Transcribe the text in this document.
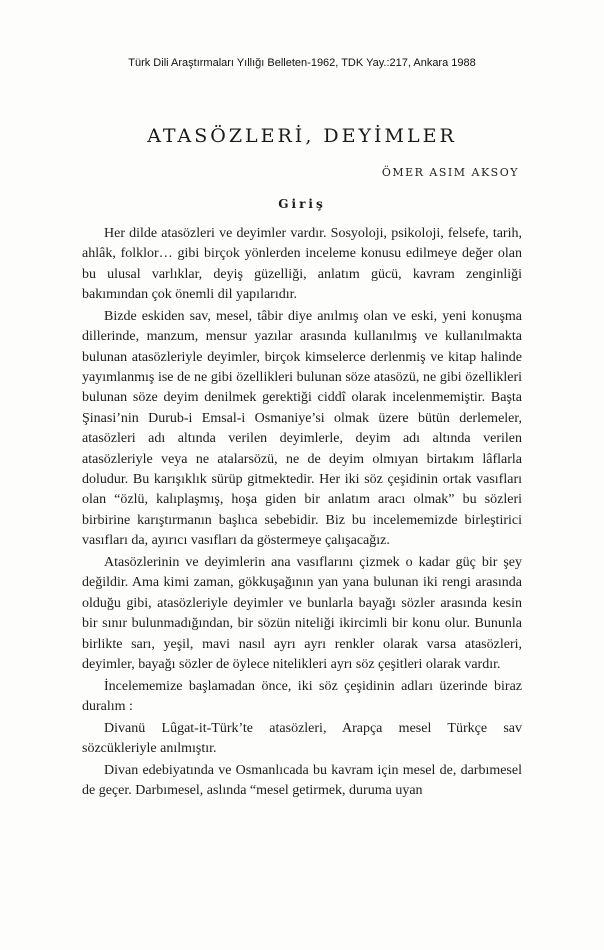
Türk Dili Araştırmaları Yıllığı Belleten-1962, TDK Yay.:217, Ankara 1988
ATASÖZLERİ, DEYİMLER
ÖMER ASIM AKSOY
Giriş

Her dilde atasözleri ve deyimler vardır. Sosyoloji, psikoloji, felsefe, tarih, ahlâk, folklor… gibi birçok yönlerden inceleme konusu edilmeye değer olan bu ulusal varlıklar, deyiş güzelliği, anlatım gücü, kavram zenginliği bakımından çok önemli dil yapılarıdır.

Bizde eskiden sav, mesel, tâbir diye anılmış olan ve eski, yeni konuşma dillerinde, manzum, mensur yazılar arasında kullanılmış ve kullanılmakta bulunan atasözleriyle deyimler, birçok kimselerce derlenmiş ve kitap halinde yayımlanmış ise de ne gibi özellikleri bulunan söze atasözü, ne gibi özellikleri bulunan söze deyim denilmek gerektiği ciddî olarak incelenmemiştir. Başta Şinasi’nin Durub-i Emsal-i Osmaniye’si olmak üzere bütün derlemeler, atasözleri adı altında verilen deyimlerle, deyim adı altında verilen atasözleriyle veya ne atalarsözü, ne de deyim olmıyan birtakım lâflarla doludur. Bu karışıklık sürüp gitmektedir. Her iki söz çeşidinin ortak vasıfları olan “özlü, kalıplaşmış, hoşa giden bir anlatım aracı olmak” bu sözleri birbirine karıştırmanın başlıca sebebidir. Biz bu incelememizde birleştirici vasıfları da, ayırıcı vasıfları da göstermeye çalışacağız.

Atasözlerinin ve deyimlerin ana vasıflarını çizmek o kadar güç bir şey değildir. Ama kimi zaman, gökkuşağının yan yana bulunan iki rengi arasında olduğu gibi, atasözleriyle deyimler ve bunlarla bayağı sözler arasında kesin bir sınır bulunmadığından, bir sözün niteliği ikircimli bir konu olur. Bununla birlikte sarı, yeşil, mavi nasıl ayrı ayrı renkler olarak varsa atasözleri, deyimler, bayağı sözler de öylece nitelikleri ayrı söz çeşitleri olarak vardır.

İncelememize başlamadan önce, iki söz çeşidinin adları üzerinde biraz duralım :

Divanü Lûgat-it-Türk’te atasözleri, Arapça mesel Türkçe sav sözcükleriyle anılmıştır.

Divan edebiyatında ve Osmanlıcada bu kavram için mesel de, darbımesel de geçer. Darbımesel, aslında “mesel getirmek, duruma uyan
